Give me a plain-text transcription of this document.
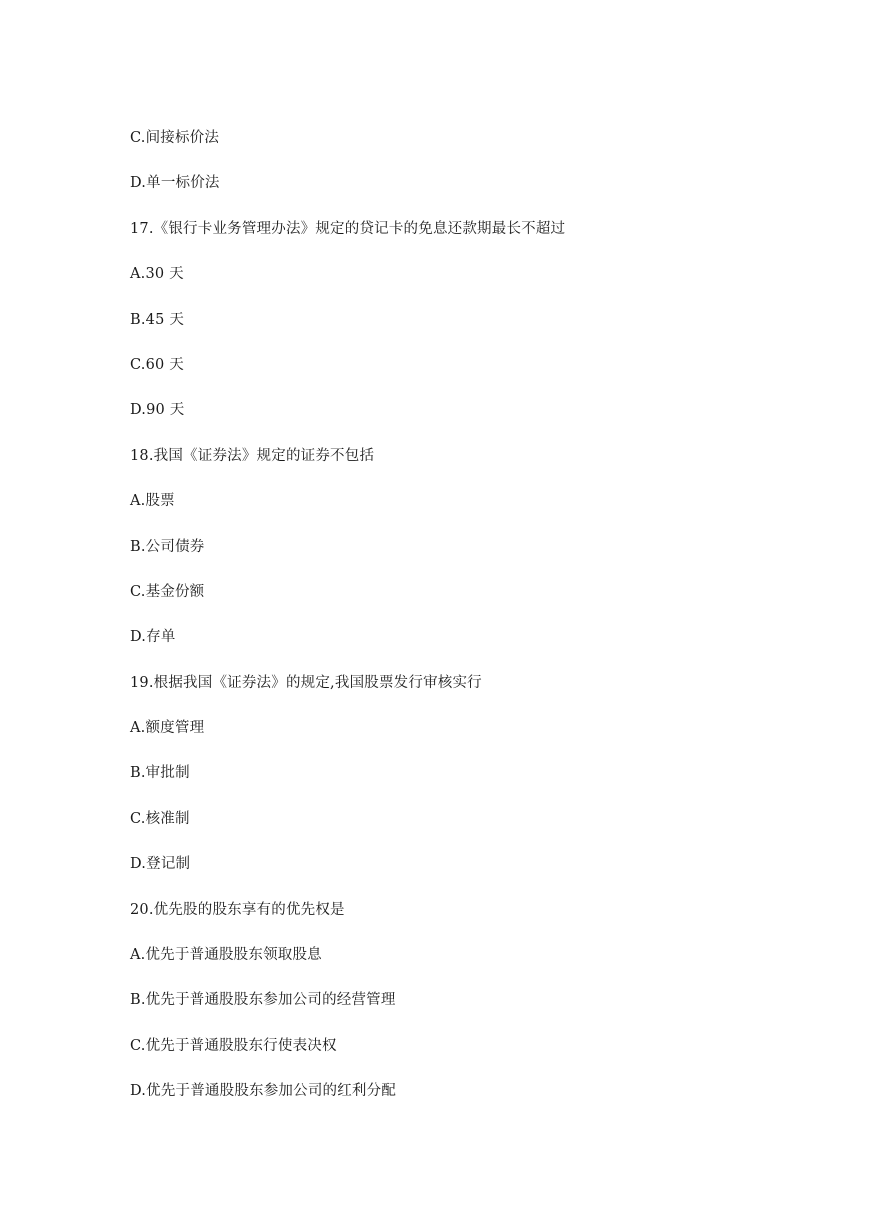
C.间接标价法
D.单一标价法
17.《银行卡业务管理办法》规定的贷记卡的免息还款期最长不超过
A.30 天
B.45 天
C.60 天
D.90 天
18.我国《证券法》规定的证券不包括
A.股票
B.公司债券
C.基金份额
D.存单
19.根据我国《证券法》的规定,我国股票发行审核实行
A.额度管理
B.审批制
C.核准制
D.登记制
20.优先股的股东享有的优先权是
A.优先于普通股股东领取股息
B.优先于普通股股东参加公司的经营管理
C.优先于普通股股东行使表决权
D.优先于普通股股东参加公司的红利分配
